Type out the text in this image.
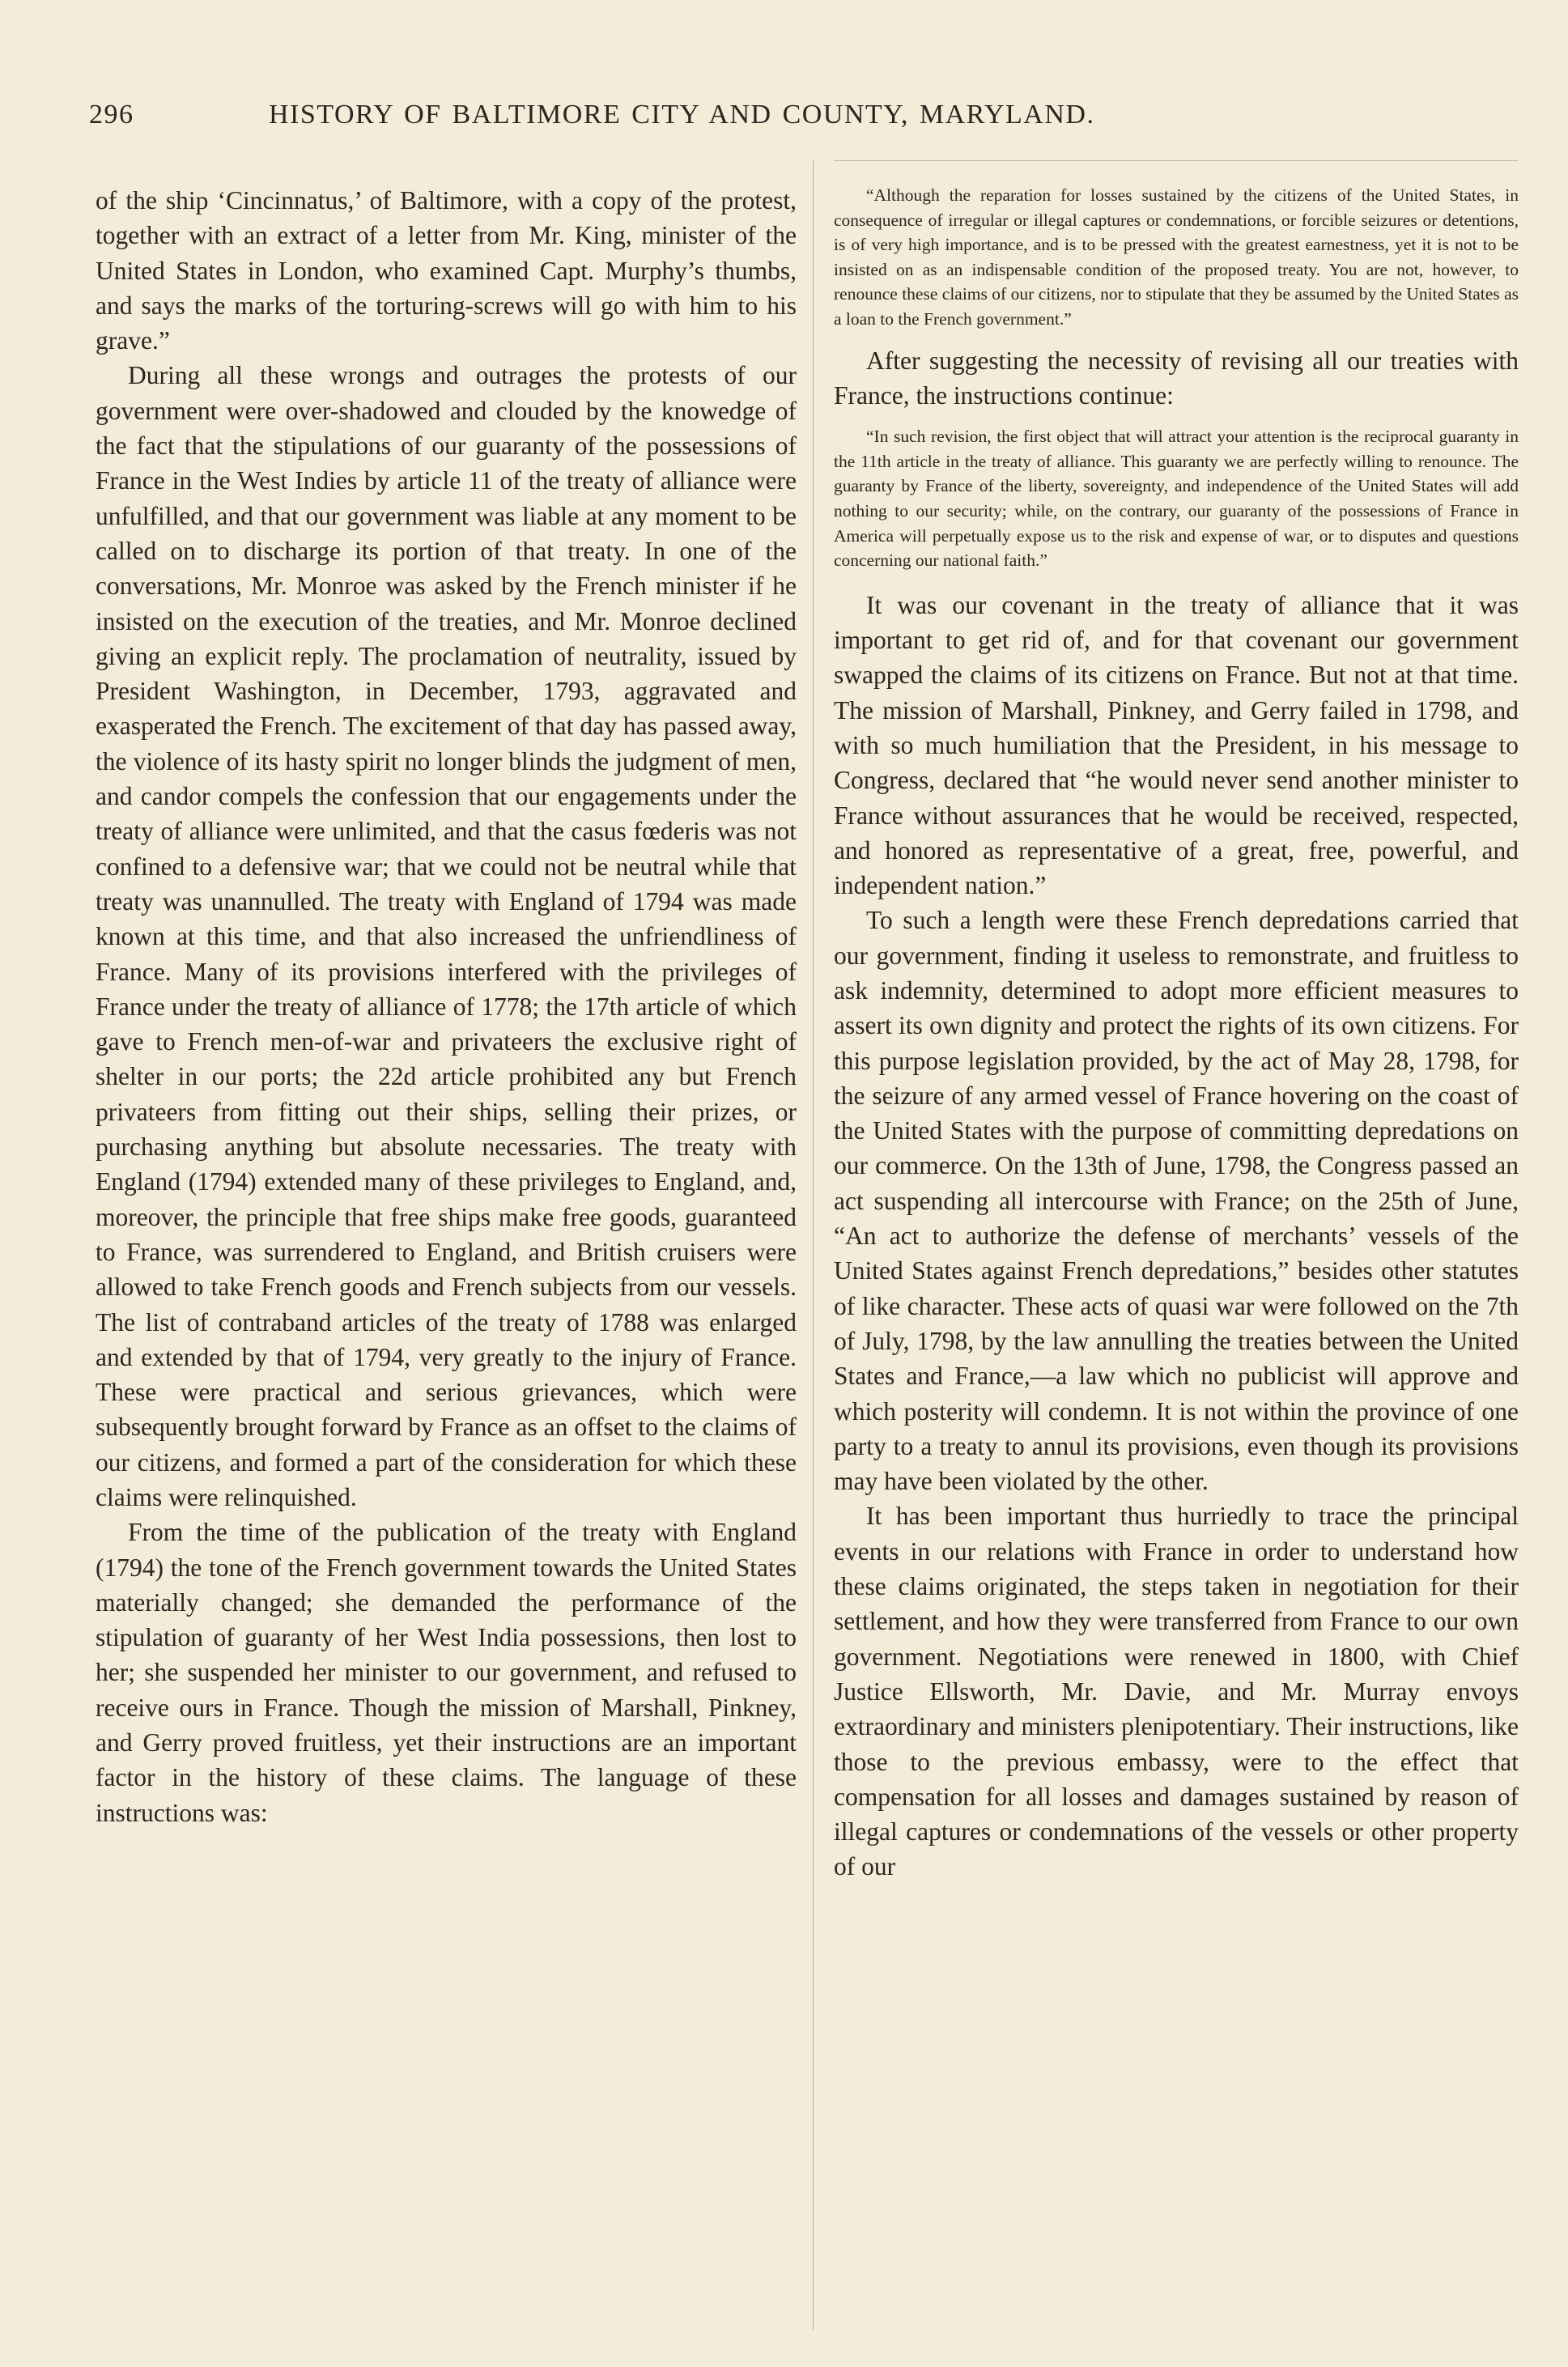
296	HISTORY OF BALTIMORE CITY AND COUNTY, MARYLAND.

of the ship ‘Cincinnatus,’ of Baltimore, with a copy of the protest, together with an extract of a letter from Mr. King, minister of the United States in London, who examined Capt. Murphy’s thumbs, and says the marks of the torturing-screws will go with him to his grave.”

During all these wrongs and outrages the protests of our government were over-shadowed and clouded by the knowedge of the fact that the stipulations of our guaranty of the possessions of France in the West Indies by article 11 of the treaty of alliance were unfulfilled, and that our government was liable at any moment to be called on to discharge its portion of that treaty. In one of the conversations, Mr. Monroe was asked by the French minister if he insisted on the execution of the treaties, and Mr. Monroe declined giving an explicit reply. The proclamation of neutrality, issued by President Washington, in December, 1793, aggravated and exasperated the French. The excitement of that day has passed away, the violence of its hasty spirit no longer blinds the judgment of men, and candor compels the confession that our engagements under the treaty of alliance were unlimited, and that the casus fœderis was not confined to a defensive war; that we could not be neutral while that treaty was unannulled. The treaty with England of 1794 was made known at this time, and that also increased the unfriendliness of France. Many of its provisions interfered with the privileges of France under the treaty of alliance of 1778; the 17th article of which gave to French men-of-war and privateers the exclusive right of shelter in our ports; the 22d article prohibited any but French privateers from fitting out their ships, selling their prizes, or purchasing anything but absolute necessaries. The treaty with England (1794) extended many of these privileges to England, and, moreover, the principle that free ships make free goods, guaranteed to France, was surrendered to England, and British cruisers were allowed to take French goods and French subjects from our vessels. The list of contraband articles of the treaty of 1788 was enlarged and extended by that of 1794, very greatly to the injury of France. These were practical and serious grievances, which were subsequently brought forward by France as an offset to the claims of our citizens, and formed a part of the consideration for which these claims were relinquished.

From the time of the publication of the treaty with England (1794) the tone of the French government towards the United States materially changed; she demanded the performance of the stipulation of guaranty of her West India possessions, then lost to her; she suspended her minister to our government, and refused to receive ours in France. Though the mission of Marshall, Pinkney, and Gerry proved fruitless, yet their instructions are an important factor in the history of these claims. The language of these instructions was:

“Although the reparation for losses sustained by the citizens of the United States, in consequence of irregular or illegal captures or condemnations, or forcible seizures or detentions, is of very high importance, and is to be pressed with the greatest earnestness, yet it is not to be insisted on as an indispensable condition of the proposed treaty. You are not, however, to renounce these claims of our citizens, nor to stipulate that they be assumed by the United States as a loan to the French government.”

After suggesting the necessity of revising all our treaties with France, the instructions continue:

“In such revision, the first object that will attract your attention is the reciprocal guaranty in the 11th article in the treaty of alliance. This guaranty we are perfectly willing to renounce. The guaranty by France of the liberty, sovereignty, and independence of the United States will add nothing to our security; while, on the contrary, our guaranty of the possessions of France in America will perpetually expose us to the risk and expense of war, or to disputes and questions concerning our national faith.”

It was our covenant in the treaty of alliance that it was important to get rid of, and for that covenant our government swapped the claims of its citizens on France. But not at that time. The mission of Marshall, Pinkney, and Gerry failed in 1798, and with so much humiliation that the President, in his message to Congress, declared that “he would never send another minister to France without assurances that he would be received, respected, and honored as representative of a great, free, powerful, and independent nation.”

To such a length were these French depredations carried that our government, finding it useless to remonstrate, and fruitless to ask indemnity, determined to adopt more efficient measures to assert its own dignity and protect the rights of its own citizens. For this purpose legislation provided, by the act of May 28, 1798, for the seizure of any armed vessel of France hovering on the coast of the United States with the purpose of committing depredations on our commerce. On the 13th of June, 1798, the Congress passed an act suspending all intercourse with France; on the 25th of June, “An act to authorize the defense of merchants’ vessels of the United States against French depredations,” besides other statutes of like character. These acts of quasi war were followed on the 7th of July, 1798, by the law annulling the treaties between the United States and France,—a law which no publicist will approve and which posterity will condemn. It is not within the province of one party to a treaty to annul its provisions, even though its provisions may have been violated by the other.

It has been important thus hurriedly to trace the principal events in our relations with France in order to understand how these claims originated, the steps taken in negotiation for their settlement, and how they were transferred from France to our own government. Negotiations were renewed in 1800, with Chief Justice Ellsworth, Mr. Davie, and Mr. Murray envoys extraordinary and ministers plenipotentiary. Their instructions, like those to the previous embassy, were to the effect that compensation for all losses and damages sustained by reason of illegal captures or condemnations of the vessels or other property of our
